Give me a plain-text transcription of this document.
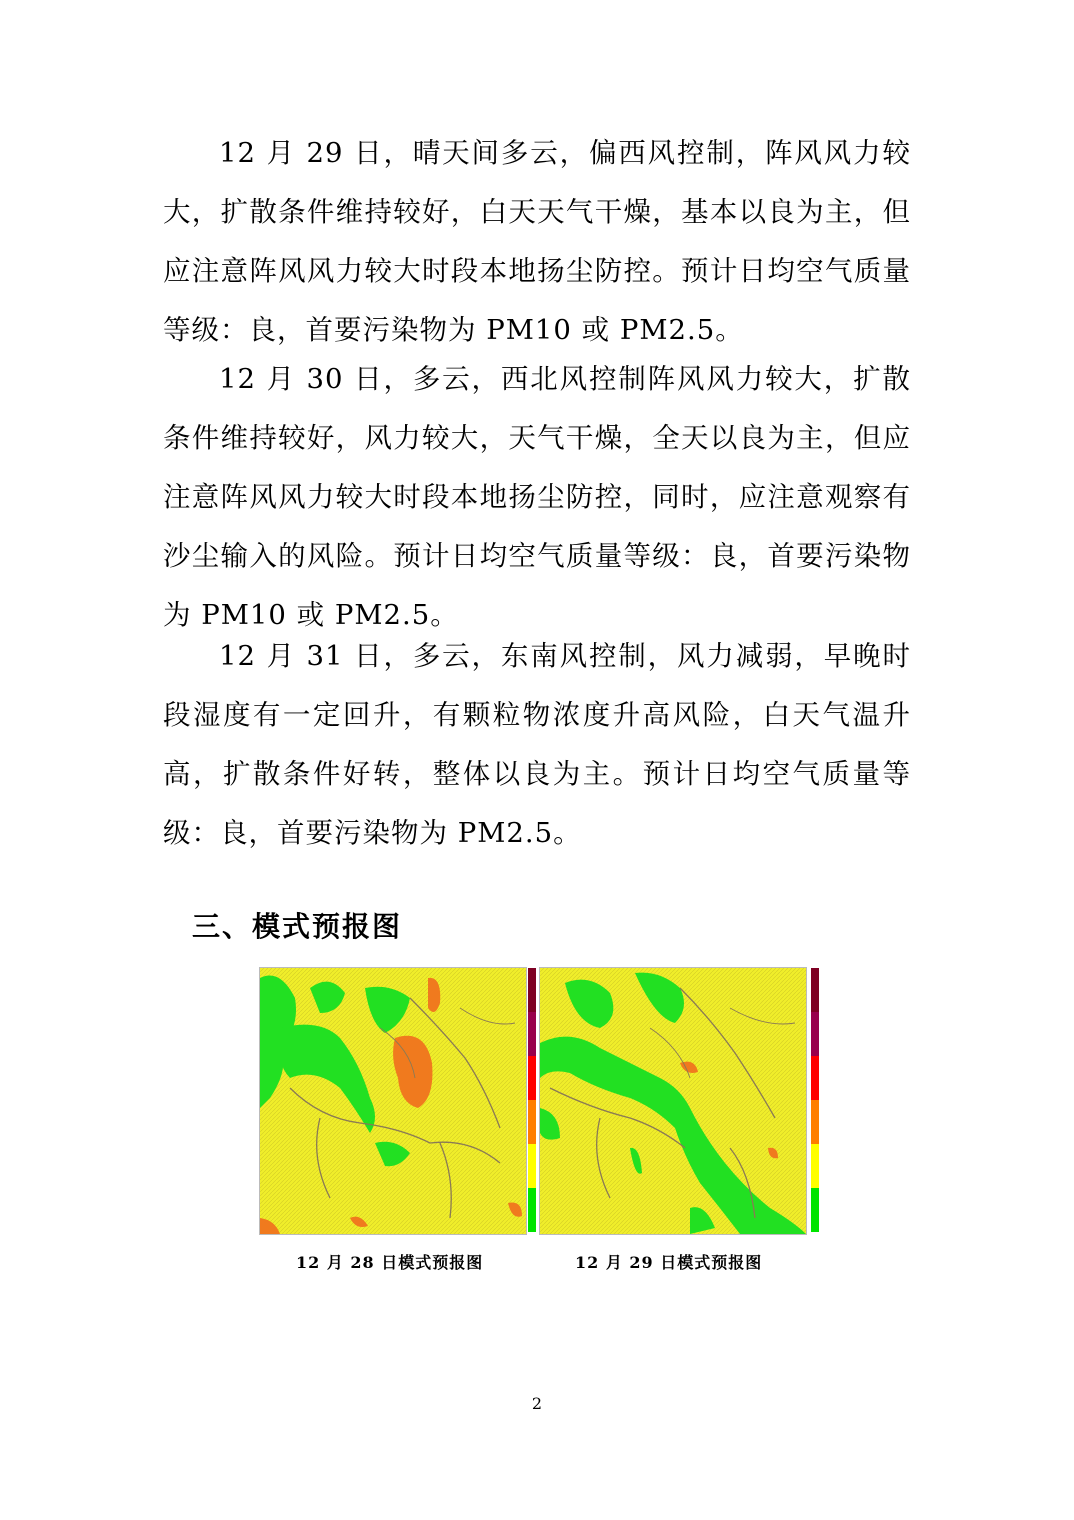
12 月 29 日，晴天间多云，偏西风控制，阵风风力较大，扩散条件维持较好，白天天气干燥，基本以良为主，但应注意阵风风力较大时段本地扬尘防控。预计日均空气质量等级：良，首要污染物为 PM10 或 PM2.5。

12 月 30 日，多云，西北风控制阵风风力较大，扩散条件维持较好，风力较大，天气干燥，全天以良为主，但应注意阵风风力较大时段本地扬尘防控，同时，应注意观察有沙尘输入的风险。预计日均空气质量等级：良，首要污染物为 PM10 或 PM2.5。

12 月 31 日，多云，东南风控制，风力减弱，早晚时段湿度有一定回升，有颗粒物浓度升高风险，白天气温升高，扩散条件好转，整体以良为主。预计日均空气质量等级：良，首要污染物为 PM2.5。

三、模式预报图
12 月 28 日模式预报图	12 月 29 日模式预报图
2
